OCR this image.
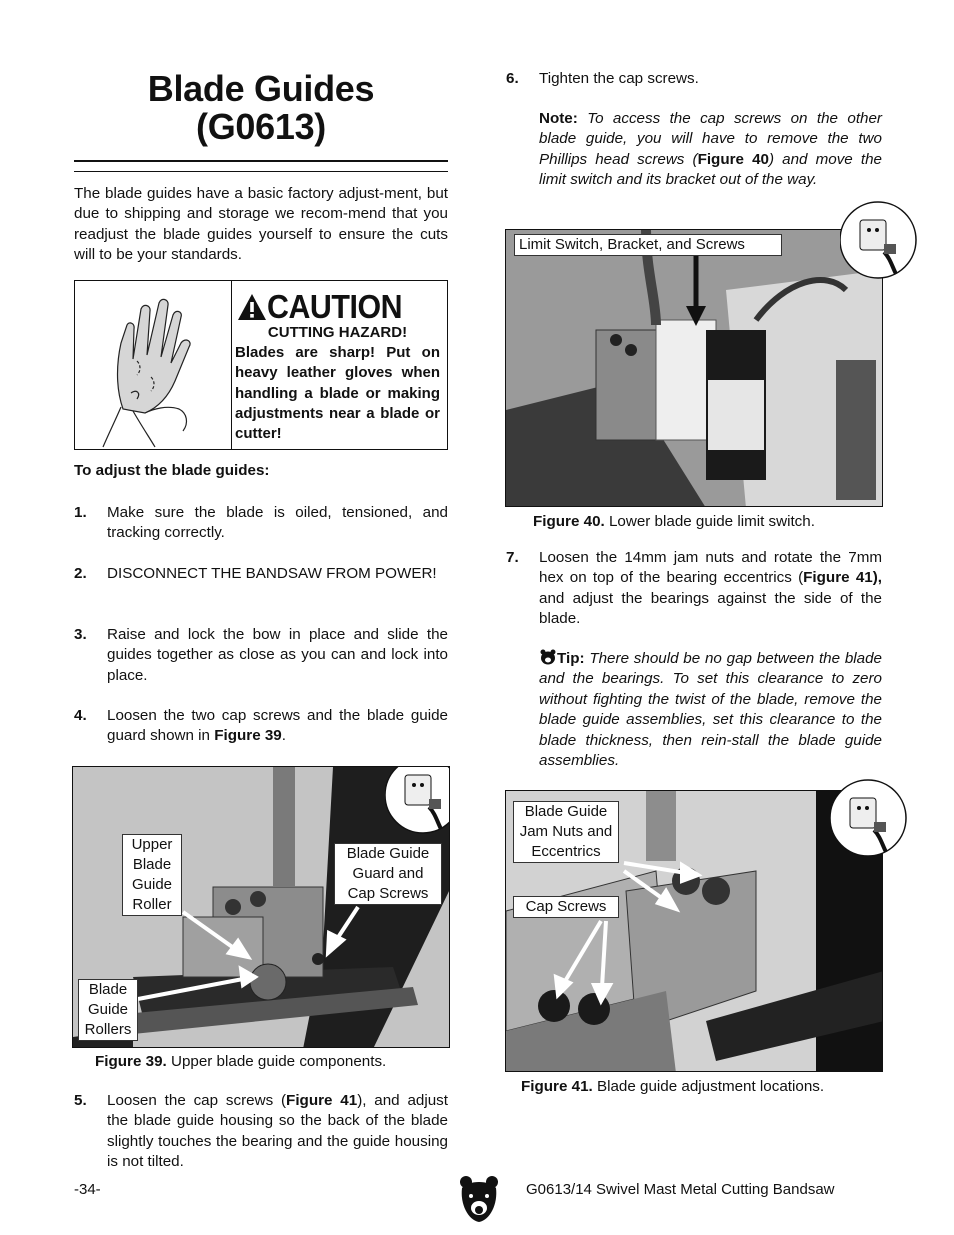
Blade Guides
(G0613)
The blade guides have a basic factory adjust-ment, but due to shipping and storage we recom-mend that you readjust the blade guides yourself to ensure the cuts will to be your standards.
CAUTION
CUTTING HAZARD!
Blades are sharp! Put on heavy leather gloves when handling a blade or making adjustments near a blade or cutter!
To adjust the blade guides:
1. Make sure the blade is oiled, tensioned, and tracking correctly.
2. DISCONNECT THE BANDSAW FROM POWER!
3. Raise and lock the bow in place and slide the guides together as close as you can and lock into place.
4. Loosen the two cap screws and the blade guide guard shown in Figure 39.
Upper Blade Guide Roller
Blade Guide Guard and Cap Screws
Blade Guide Rollers
Figure 39. Upper blade guide components.
5. Loosen the cap screws (Figure 41), and adjust the blade guide housing so the back of the blade slightly touches the bearing and the guide housing is not tilted.
6. Tighten the cap screws.
Note: To access the cap screws on the other blade guide, you will have to remove the two Phillips head screws (Figure 40) and move the limit switch and its bracket out of the way.
Limit Switch, Bracket, and Screws
Figure 40. Lower blade guide limit switch.
7. Loosen the 14mm jam nuts and rotate the 7mm hex on top of the bearing eccentrics (Figure 41), and adjust the bearings against the side of the blade.
Tip: There should be no gap between the blade and the bearings. To set this clearance to zero without fighting the twist of the blade, remove the blade guide assemblies, set this clearance to the blade thickness, then rein-stall the blade guide assemblies.
Blade Guide Jam Nuts and Eccentrics
Cap Screws
Figure 41. Blade guide adjustment locations.
-34-	G0613/14 Swivel Mast Metal Cutting Bandsaw
